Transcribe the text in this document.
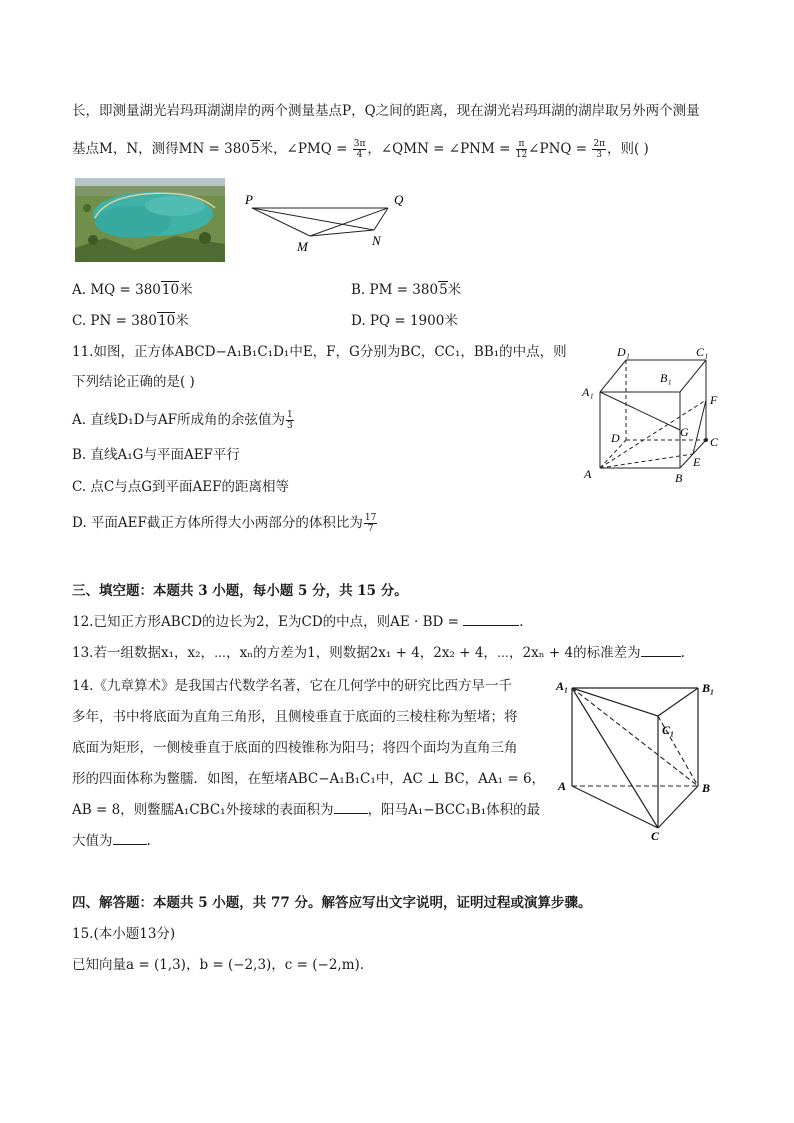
长，即测量湖光岩玛珥湖湖岸的两个测量基点P，Q之间的距离，现在湖光岩玛珥湖的湖岸取另外两个测量
基点M，N，测得MN = 3805米，∠PMQ = $\frac{3\pi}{4}$ ，∠QMN = ∠PNM = $\frac{\pi}{12}$ ∠PNQ = $\frac{2\pi}{3}$ ，则( )
P	Q
M	N
A. MQ = 38010米	B. PM = 3805米
C. PN = 38010米	D. PQ = 1900米
11.如图，正方体ABCD−A₁B₁C₁D₁中E，F，G分别为BC，CC₁，BB₁的中点，则
下列结论正确的是( )
A. 直线D₁D与AF所成角的余弦值为 $\frac{1}{3}$
B. 直线A₁G与平面AEF平行
C. 点C与点G到平面AEF的距离相等
D. 平面AEF截正方体所得大小两部分的体积比为 $\frac{17}{7}$
D₁	C₁
A₁
B₁
D	C
A	B
E
F
G
三、填空题：本题共 3 小题，每小题 5 分，共 15 分。
12.已知正方形ABCD的边长为2，E为CD的中点，则AE · BD =	.
13.若一组数据x₁，x₂，⋯，xₙ的方差为1，则数据2x₁ + 4，2x₂ + 4，⋯，2xₙ + 4的标准差为	.
14.《九章算术》是我国古代数学名著，它在几何学中的研究比西方早一千
多年，书中将底面为直角三角形，且侧棱垂直于底面的三棱柱称为堑堵；将
底面为矩形，一侧棱垂直于底面的四棱锥称为阳马；将四个面均为直角三角
形的四面体称为鳖臑．如图，在堑堵ABC−A₁B₁C₁中，AC ⊥ BC，AA₁ = 6，
AB = 8，则鳖臑A₁CBC₁外接球的表面积为	，阳马A₁−BCC₁B₁体积的最
大值为	.
A₁	B₁
C₁
A	B
C
四、解答题：本题共 5 小题，共 77 分。解答应写出文字说明，证明过程或演算步骤。
15.(本小题13分)
已知向量a = (1,3)，b = (−2,3)，c = (−2,m).
